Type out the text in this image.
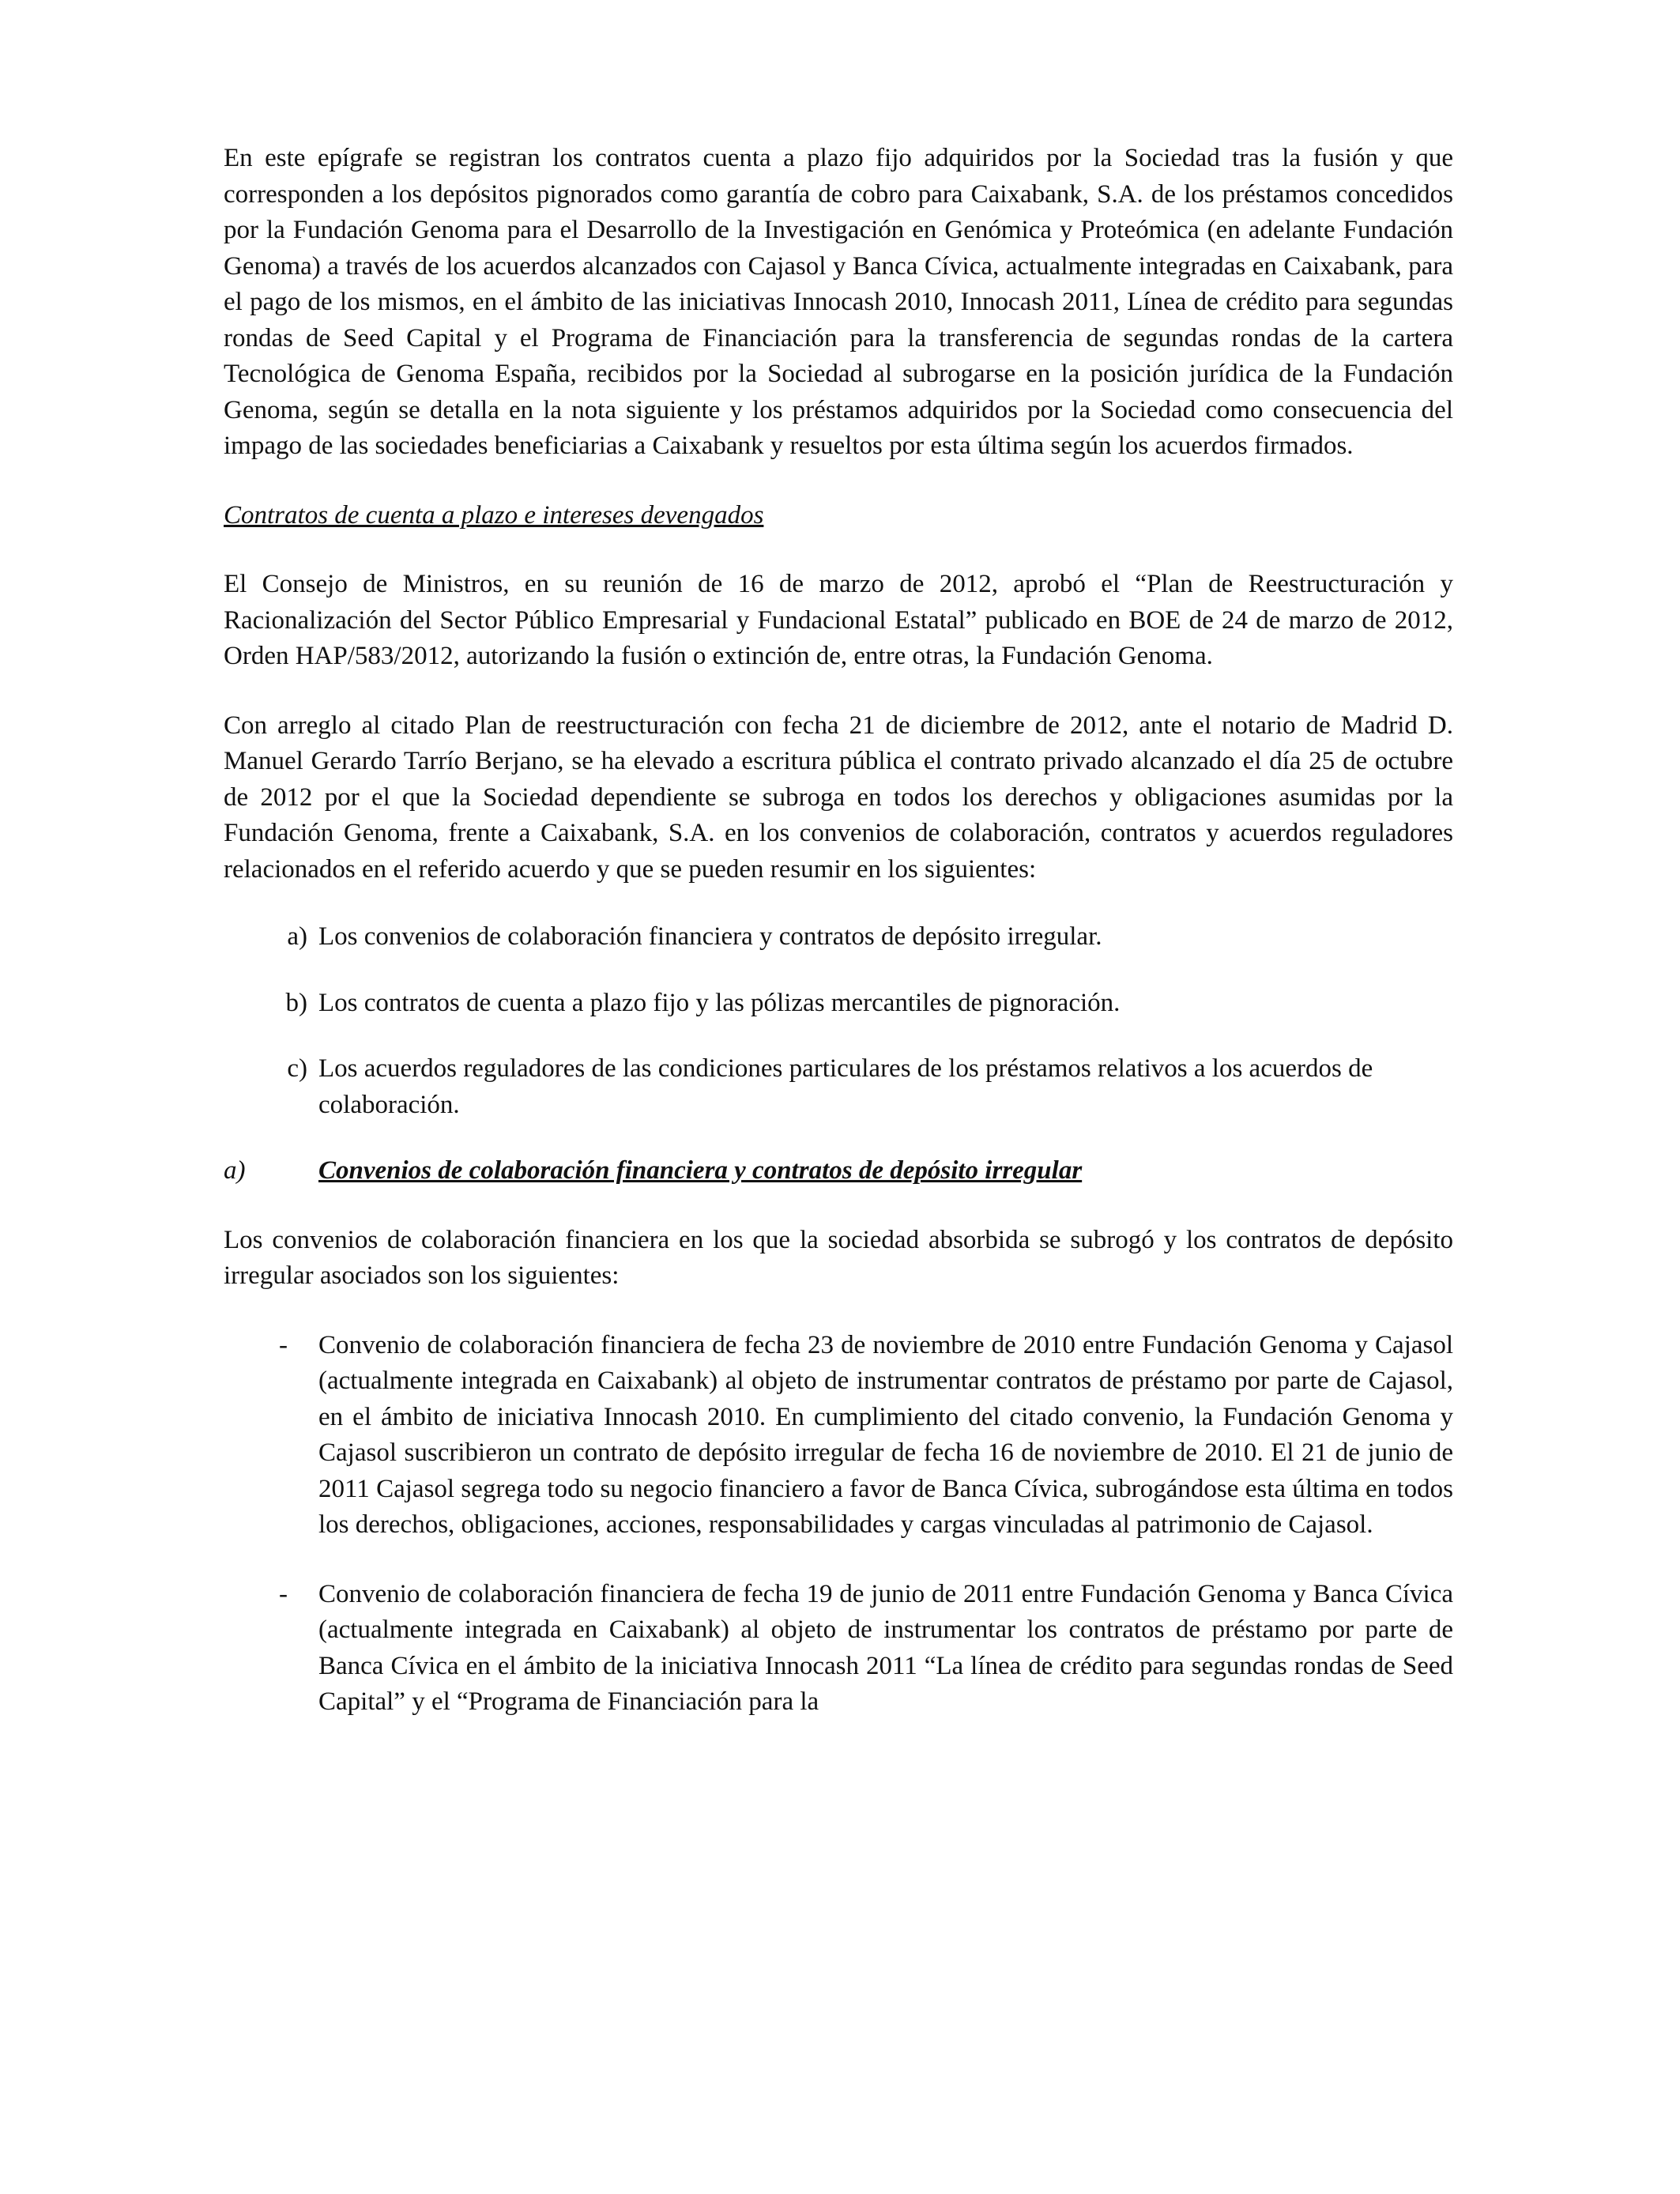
En este epígrafe se registran los contratos cuenta a plazo fijo adquiridos por la Sociedad tras la fusión y que corresponden a los depósitos pignorados como garantía de cobro para Caixabank, S.A. de los préstamos concedidos por la Fundación Genoma para el Desarrollo de la Investigación en Genómica y Proteómica (en adelante Fundación Genoma) a través de los acuerdos alcanzados con Cajasol y Banca Cívica, actualmente integradas en Caixabank, para el pago de los mismos, en el ámbito de las iniciativas Innocash 2010, Innocash 2011, Línea de crédito para segundas rondas de Seed Capital y el Programa de Financiación para la transferencia de segundas rondas de la cartera Tecnológica de Genoma España, recibidos por la Sociedad al subrogarse en la posición jurídica de la Fundación Genoma, según se detalla en la nota siguiente y los préstamos adquiridos por la Sociedad como consecuencia del impago de las sociedades beneficiarias a Caixabank y resueltos por esta última según los acuerdos firmados.

Contratos de cuenta a plazo e intereses devengados

El Consejo de Ministros, en su reunión de 16 de marzo de 2012, aprobó el “Plan de Reestructuración y Racionalización del Sector Público Empresarial y Fundacional Estatal” publicado en BOE de 24 de marzo de 2012, Orden HAP/583/2012, autorizando la fusión o extinción de, entre otras, la Fundación Genoma.

Con arreglo al citado Plan de reestructuración con fecha 21 de diciembre de 2012, ante el notario de Madrid D. Manuel Gerardo Tarrío Berjano, se ha elevado a escritura pública el contrato privado alcanzado el día 25 de octubre de 2012 por el que la Sociedad dependiente se subroga en todos los derechos y obligaciones asumidas por la Fundación Genoma, frente a Caixabank, S.A. en los convenios de colaboración, contratos y acuerdos reguladores relacionados en el referido acuerdo y que se pueden resumir en los siguientes:

a) Los convenios de colaboración financiera y contratos de depósito irregular.
b) Los contratos de cuenta a plazo fijo y las pólizas mercantiles de pignoración.
c) Los acuerdos reguladores de las condiciones particulares de los préstamos relativos a los acuerdos de colaboración.
a)	Convenios de colaboración financiera y contratos de depósito irregular

Los convenios de colaboración financiera en los que la sociedad absorbida se subrogó y los contratos de depósito irregular asociados son los siguientes:

-	Convenio de colaboración financiera de fecha 23 de noviembre de 2010 entre Fundación Genoma y Cajasol (actualmente integrada en Caixabank) al objeto de instrumentar contratos de préstamo por parte de Cajasol, en el ámbito de iniciativa Innocash 2010. En cumplimiento del citado convenio, la Fundación Genoma y Cajasol suscribieron un contrato de depósito irregular de fecha 16 de noviembre de 2010. El 21 de junio de 2011 Cajasol segrega todo su negocio financiero a favor de Banca Cívica, subrogándose esta última en todos los derechos, obligaciones, acciones, responsabilidades y cargas vinculadas al patrimonio de Cajasol.
-	Convenio de colaboración financiera de fecha 19 de junio de 2011 entre Fundación Genoma y Banca Cívica (actualmente integrada en Caixabank) al objeto de instrumentar los contratos de préstamo por parte de Banca Cívica en el ámbito de la iniciativa Innocash 2011 “La línea de crédito para segundas rondas de Seed Capital” y el “Programa de Financiación para la
